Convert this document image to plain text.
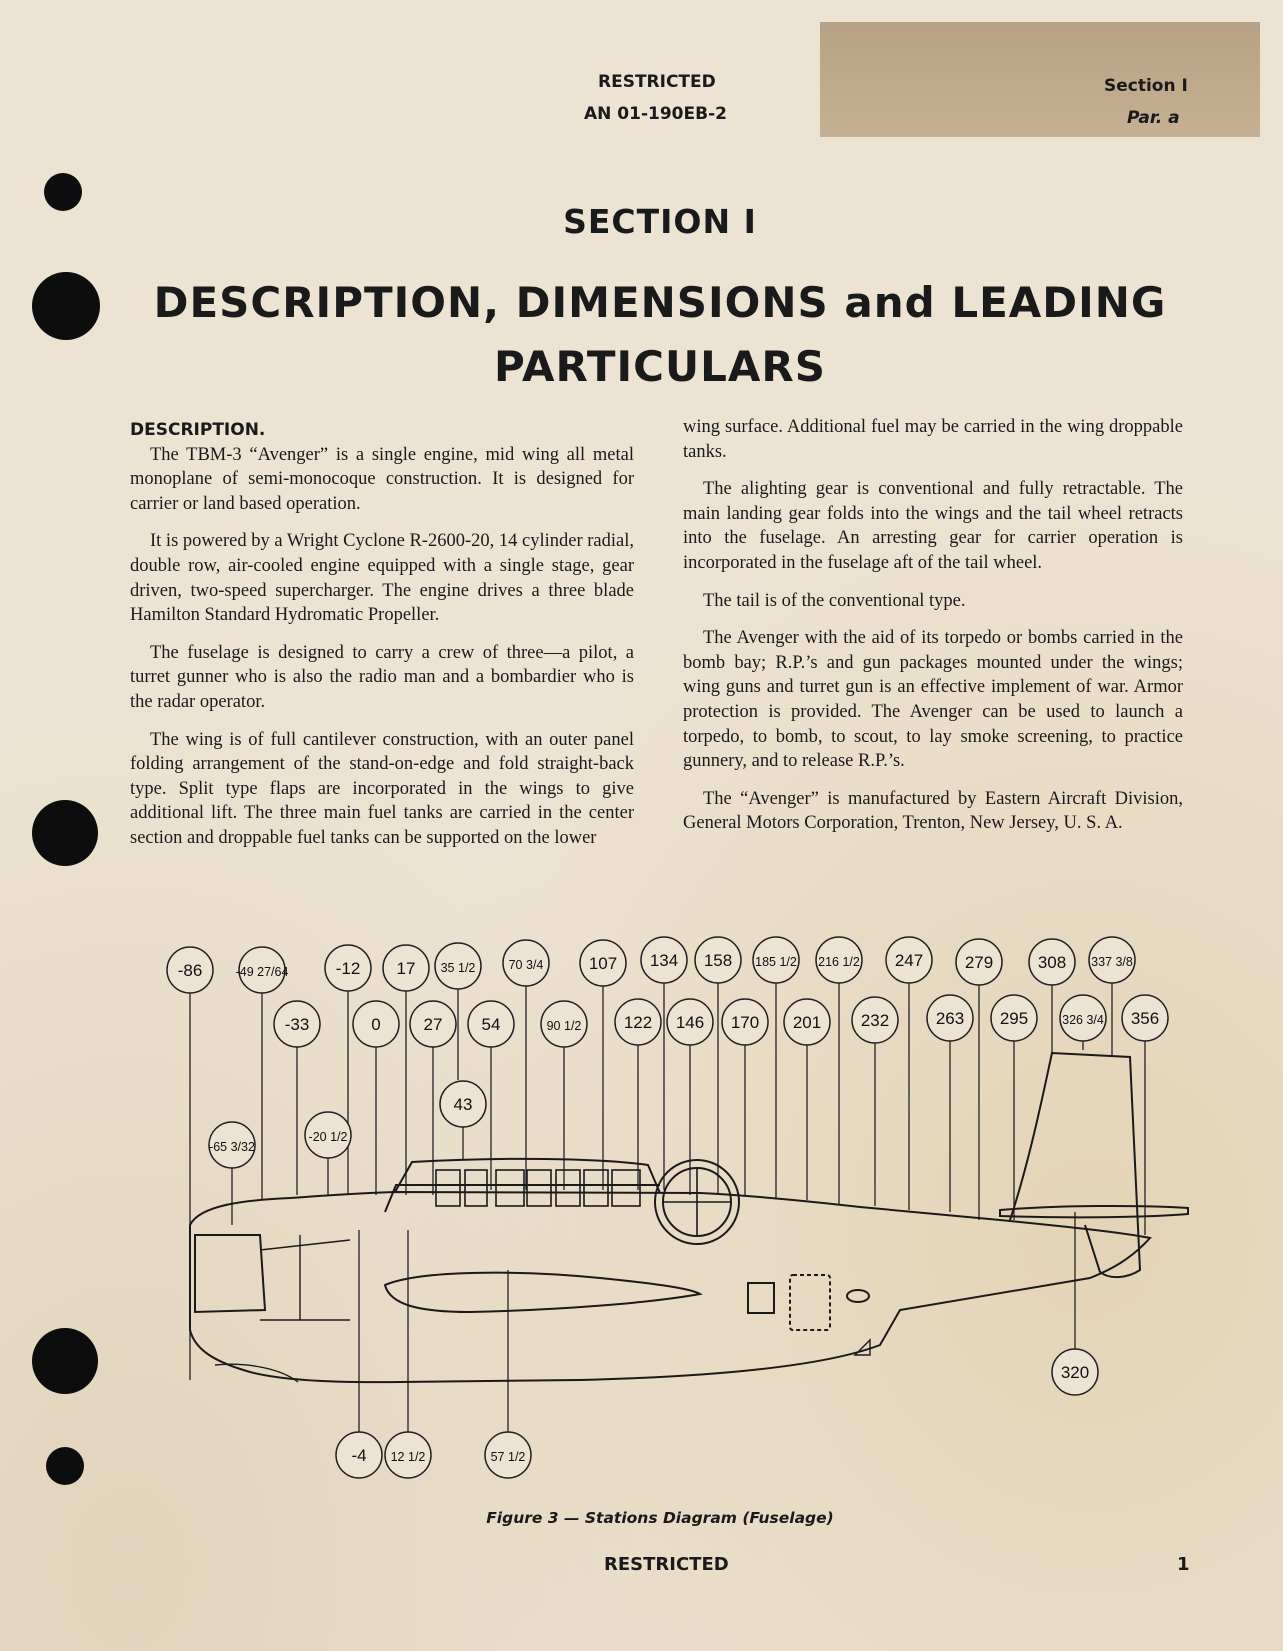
RESTRICTED
AN 01-190EB-2
Section I
Par. a
SECTION I
DESCRIPTION, DIMENSIONS and LEADING
PARTICULARS

DESCRIPTION.

The TBM-3 “Avenger” is a single engine, mid wing all metal monoplane of semi-monocoque construction. It is designed for carrier or land based operation.

It is powered by a Wright Cyclone R-2600-20, 14 cylinder radial, double row, air-cooled engine equipped with a single stage, gear driven, two-speed supercharger. The engine drives a three blade Hamilton Standard Hydromatic Propeller.

The fuselage is designed to carry a crew of three—a pilot, a turret gunner who is also the radio man and a bombardier who is the radar operator.

The wing is of full cantilever construction, with an outer panel folding arrangement of the stand-on-edge and fold straight-back type. Split type flaps are incorporated in the wings to give additional lift. The three main fuel tanks are carried in the center section and droppable fuel tanks can be supported on the lower

wing surface. Additional fuel may be carried in the wing droppable tanks.

The alighting gear is conventional and fully retractable. The main landing gear folds into the wings and the tail wheel retracts into the fuselage. An arresting gear for carrier operation is incorporated in the fuselage aft of the tail wheel.

The tail is of the conventional type.

The Avenger with the aid of its torpedo or bombs carried in the bomb bay; R.P.’s and gun packages mounted under the wings; wing guns and turret gun is an effective implement of war. Armor protection is provided. The Avenger can be used to launch a torpedo, to bomb, to scout, to lay smoke screening, to practice gunnery, and to release R.P.’s.

The “Avenger” is manufactured by Eastern Aircraft Division, General Motors Corporation, Trenton, New Jersey, U. S. A.

-86	-49 27/64	-12 17 35 1/2	70 3/4	107 134 158 185 1/2 216 1/2 247 279	308 337 3/8
-33	0	27 54	90 1/2 122 146 170 201 232	263 295	326 3/4 356
43
-65 3/32
-20 1/2
-4 12 1/2	57 1/2
320
Figure 3 — Stations Diagram (Fuselage)
RESTRICTED	1
